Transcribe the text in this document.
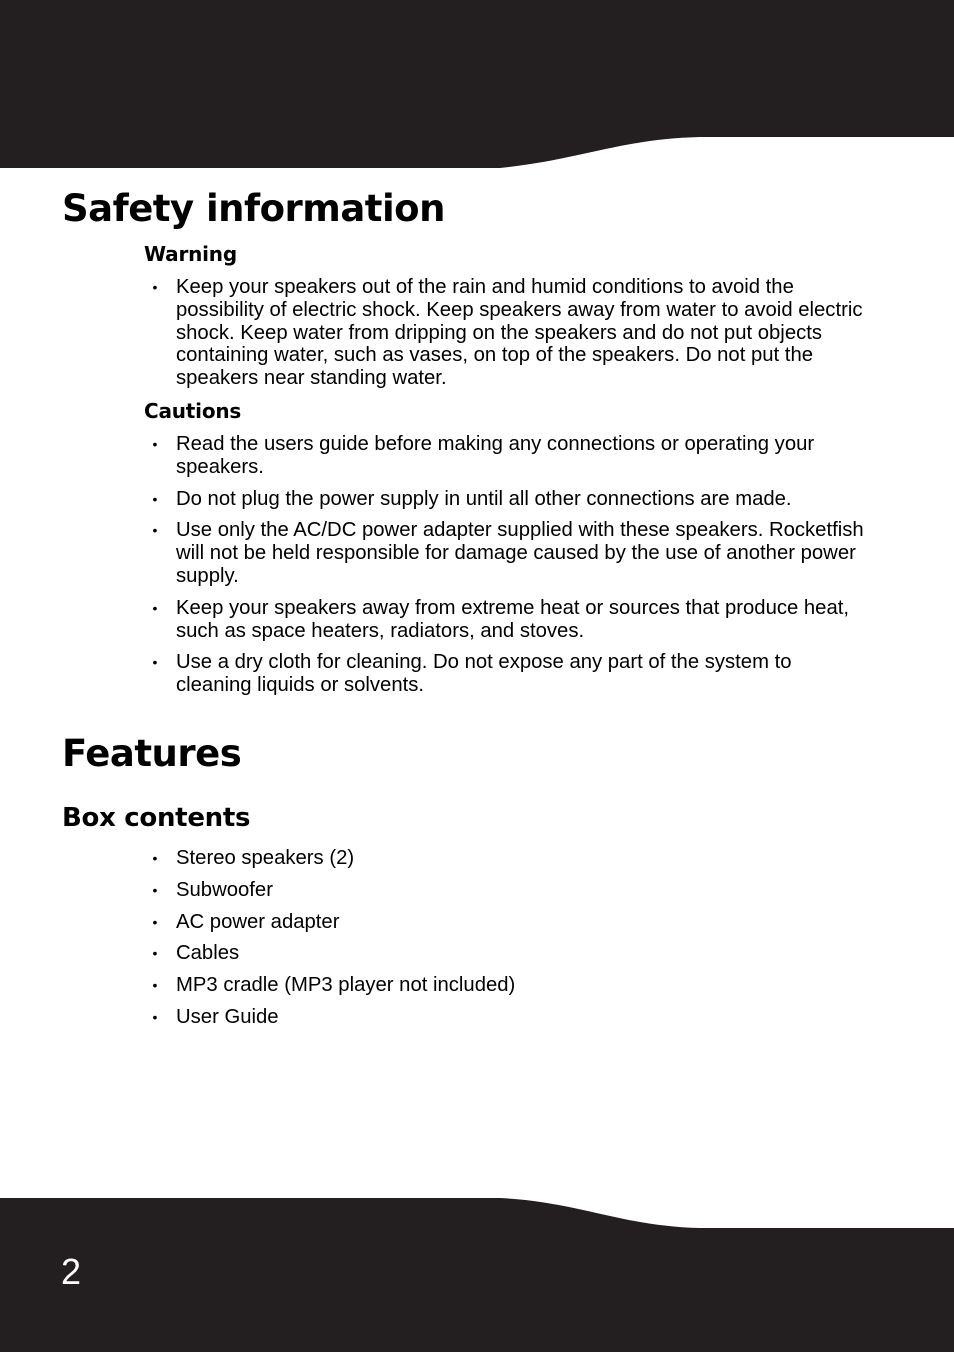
Safety information
Warning
• Keep your speakers out of the rain and humid conditions to avoid the possibility of electric shock. Keep speakers away from water to avoid electric shock. Keep water from dripping on the speakers and do not put objects containing water, such as vases, on top of the speakers. Do not put the speakers near standing water.
Cautions
• Read the users guide before making any connections or operating your speakers.
• Do not plug the power supply in until all other connections are made.
• Use only the AC/DC power adapter supplied with these speakers. Rocketfish will not be held responsible for damage caused by the use of another power supply.
• Keep your speakers away from extreme heat or sources that produce heat, such as space heaters, radiators, and stoves.
• Use a dry cloth for cleaning. Do not expose any part of the system to cleaning liquids or solvents.
Features
Box contents
• Stereo speakers (2)
• Subwoofer
• AC power adapter
• Cables
• MP3 cradle (MP3 player not included)
• User Guide
2
